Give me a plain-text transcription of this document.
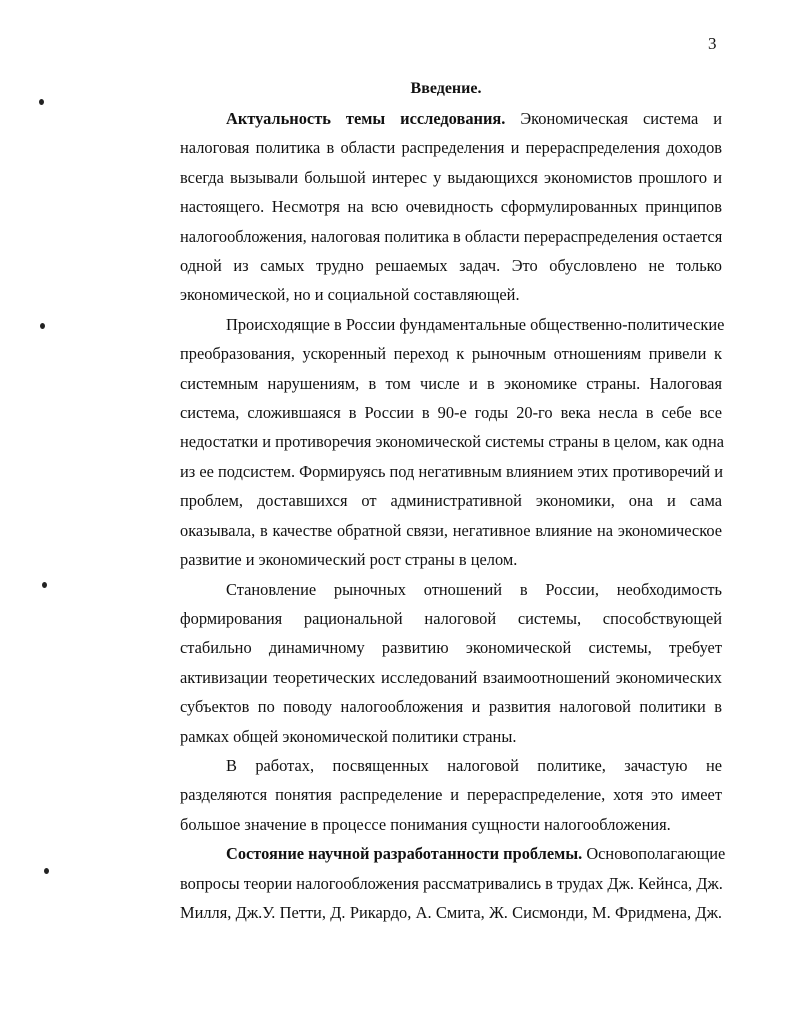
3
Введение.
Актуальность темы исследования. Экономическая система и
налоговая политика в области распределения и перераспределения доходов
всегда вызывали большой интерес у выдающихся экономистов прошлого и
настоящего. Несмотря на всю очевидность сформулированных принципов
налогообложения, налоговая политика в области перераспределения остается
одной из самых трудно решаемых задач. Это обусловлено не только
экономической, но и социальной составляющей.
Происходящие в России фундаментальные общественно-политические
преобразования, ускоренный переход к рыночным отношениям привели к
системным нарушениям, в том числе и в экономике страны. Налоговая
система, сложившаяся в России в 90-е годы 20-го века несла в себе все
недостатки и противоречия экономической системы страны в целом, как одна
из ее подсистем. Формируясь под негативным влиянием этих противоречий и
проблем, доставшихся от административной экономики, она и сама
оказывала, в качестве обратной связи, негативное влияние на экономическое
развитие и экономический рост страны в целом.
Становление рыночных отношений в России, необходимость
формирования рациональной налоговой системы, способствующей
стабильно динамичному развитию экономической системы, требует
активизации теоретических исследований взаимоотношений экономических
субъектов по поводу налогообложения и развития налоговой политики в
рамках общей экономической политики страны.
В работах, посвященных налоговой политике, зачастую не
разделяются понятия распределение и перераспределение, хотя это имеет
большое значение в процессе понимания сущности налогообложения.
Состояние научной разработанности проблемы. Основополагающие
вопросы теории налогообложения рассматривались в трудах Дж. Кейнса, Дж.
Милля, Дж.У. Петти, Д. Рикардо, А. Смита, Ж. Сисмонди, М. Фридмена, Дж.
